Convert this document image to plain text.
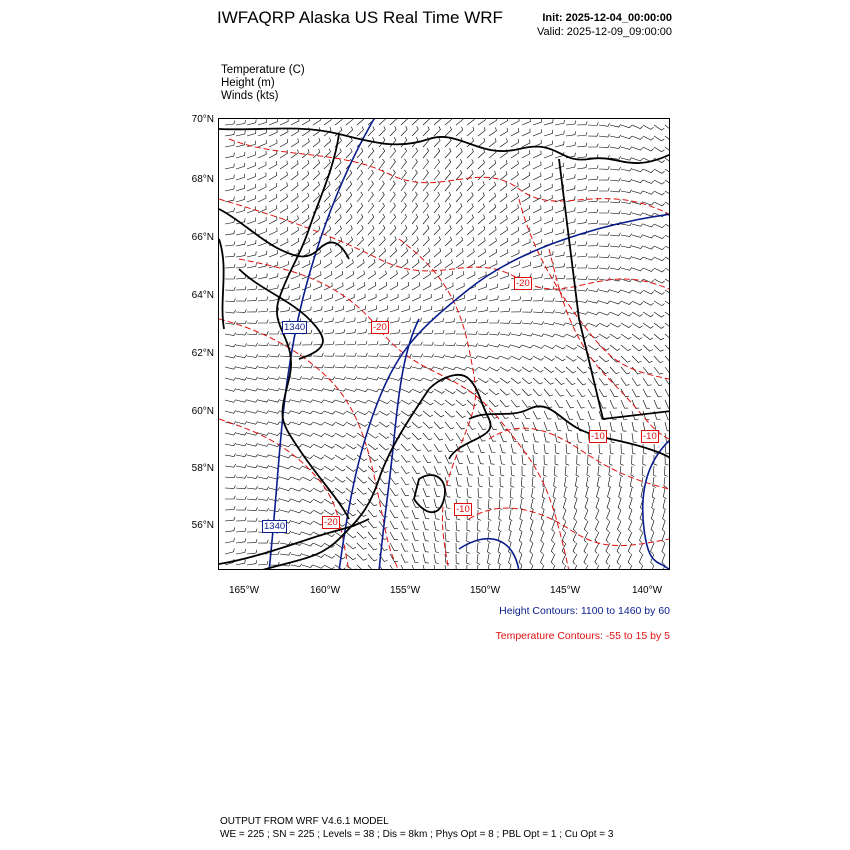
IWFAQRP Alaska US Real Time WRF	Init: 2025-12-04_00:00:00
Valid: 2025-12-09_09:00:00
Temperature (C)
Height (m)
Winds (kts)
70°N
68°N
66°N
64°N
62°N
60°N
58°N
56°N
165°W	160°W	155°W	150°W	145°W	140°W
1340
1340
-20
-20
-20
-10
-10	-10
Height Contours: 1100 to 1460 by 60
Temperature Contours: -55 to 15 by 5
OUTPUT FROM WRF V4.6.1 MODEL
WE = 225 ; SN = 225 ; Levels = 38 ; Dis = 8km ; Phys Opt = 8 ; PBL Opt = 1 ; Cu Opt = 3
